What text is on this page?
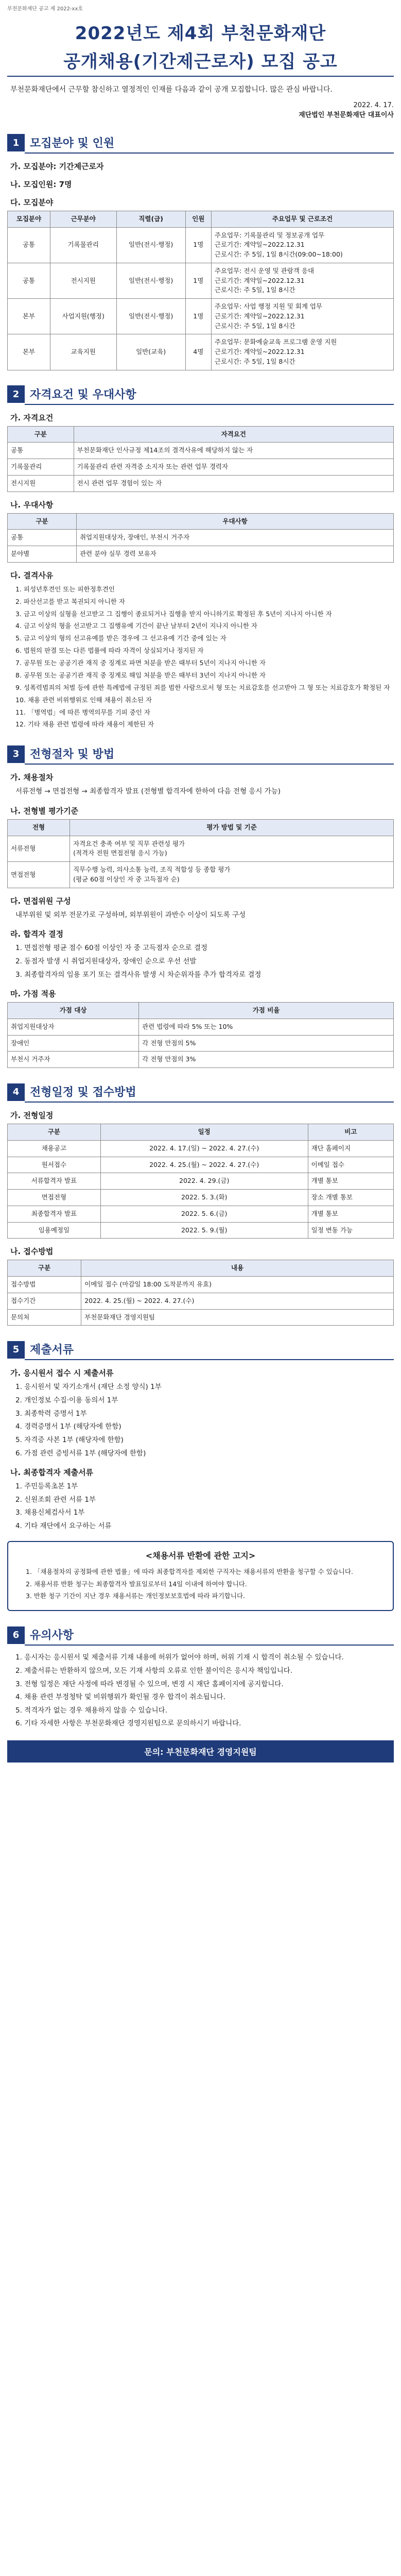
부천문화재단 공고 제 2022-xx호
2022년도 제4회 부천문화재단
공개채용(기간제근로자) 모집 공고
부천문화재단에서 근무할 참신하고 열정적인 인재를 다음과 같이 공개 모집합니다. 많은 관심 바랍니다.
2022. 4. 17.
재단법인 부천문화재단 대표이사
1 모집분야 및 인원
가. 모집분야: 기간제근로자
나. 모집인원: 7명
다. 모집분야
모집분야	근무분야	직렬(급)	인원	주요업무 및 근로조건
공통	기록물관리	일반(전시·행정)	1명	주요업무: 기록물관리 및 정보공개 업무
근로기간: 계약일~2022.12.31
근로시간: 주 5일, 1일 8시간(09:00~18:00)
공통	전시지원	일반(전시·행정)	1명	주요업무: 전시 운영 및 관람객 응대
근로기간: 계약일~2022.12.31
근로시간: 주 5일, 1일 8시간
본부	사업지원(행정)	일반(전시·행정)	1명	주요업무: 사업 행정 지원 및 회계 업무
근로기간: 계약일~2022.12.31
근로시간: 주 5일, 1일 8시간
본부	교육지원	일반(교육)	4명	주요업무: 문화예술교육 프로그램 운영 지원
근로기간: 계약일~2022.12.31
근로시간: 주 5일, 1일 8시간
2 자격요건 및 우대사항
가. 자격요건
구분	자격요건
공통	부천문화재단 인사규정 제14조의 결격사유에 해당하지 않는 자
기록물관리	기록물관리 관련 자격증 소지자 또는 관련 업무 경력자
전시지원	전시 관련 업무 경험이 있는 자
나. 우대사항
구분	우대사항
공통	취업지원대상자, 장애인, 부천시 거주자
분야별	관련 분야 실무 경력 보유자
다. 결격사유
1. 피성년후견인 또는 피한정후견인
2. 파산선고를 받고 복권되지 아니한 자
3. 금고 이상의 실형을 선고받고 그 집행이 종료되거나 집행을 받지 아니하기로 확정된 후 5년이 지나지 아니한 자
4. 금고 이상의 형을 선고받고 그 집행유예 기간이 끝난 날부터 2년이 지나지 아니한 자
5. 금고 이상의 형의 선고유예를 받은 경우에 그 선고유예 기간 중에 있는 자
6. 법원의 판결 또는 다른 법률에 따라 자격이 상실되거나 정지된 자
7. 공무원 또는 공공기관 재직 중 징계로 파면 처분을 받은 때부터 5년이 지나지 아니한 자
8. 공무원 또는 공공기관 재직 중 징계로 해임 처분을 받은 때부터 3년이 지나지 아니한 자
9. 성폭력범죄의 처벌 등에 관한 특례법에 규정된 죄를 범한 사람으로서 형 또는 치료감호를 선고받아 그 형 또는 치료감호가 확정된 자
10. 채용 관련 비위행위로 인해 채용이 취소된 자
11. 「병역법」에 따른 병역의무를 기피 중인 자
12. 기타 채용 관련 법령에 따라 채용이 제한된 자
3 전형절차 및 방법
가. 채용절차
서류전형 → 면접전형 → 최종합격자 발표 (전형별 합격자에 한하여 다음 전형 응시 가능)
나. 전형별 평가기준
전형	평가 방법 및 기준
서류전형	자격요건 충족 여부 및 직무 관련성 평가
(적격자 전원 면접전형 응시 가능)
면접전형	직무수행 능력, 의사소통 능력, 조직 적합성 등 종합 평가
(평균 60점 이상인 자 중 고득점자 순)
다. 면접위원 구성
내부위원 및 외부 전문가로 구성하며, 외부위원이 과반수 이상이 되도록 구성
라. 합격자 결정
1. 면접전형 평균 점수 60점 이상인 자 중 고득점자 순으로 결정
2. 동점자 발생 시 취업지원대상자, 장애인 순으로 우선 선발
3. 최종합격자의 임용 포기 또는 결격사유 발생 시 차순위자를 추가 합격자로 결정
마. 가점 적용
가점 대상	가점 비율
취업지원대상자	관련 법령에 따라 5% 또는 10%
장애인	각 전형 만점의 5%
부천시 거주자	각 전형 만점의 3%
4 전형일정 및 접수방법
가. 전형일정
구분	일정	비고
채용공고	2022. 4. 17.(일) ~ 2022. 4. 27.(수)	재단 홈페이지
원서접수	2022. 4. 25.(월) ~ 2022. 4. 27.(수)	이메일 접수
서류합격자 발표	2022. 4. 29.(금)	개별 통보
면접전형	2022. 5. 3.(화)	장소 개별 통보
최종합격자 발표	2022. 5. 6.(금)	개별 통보
임용예정일	2022. 5. 9.(월)	일정 변동 가능
나. 접수방법
구분	내용
접수방법	이메일 접수 (마감일 18:00 도착분까지 유효)
접수기간	2022. 4. 25.(월) ~ 2022. 4. 27.(수)
문의처	부천문화재단 경영지원팀
5 제출서류
가. 응시원서 접수 시 제출서류
1. 응시원서 및 자기소개서 (재단 소정 양식) 1부
2. 개인정보 수집·이용 동의서 1부
3. 최종학력 증명서 1부
4. 경력증명서 1부 (해당자에 한함)
5. 자격증 사본 1부 (해당자에 한함)
6. 가점 관련 증빙서류 1부 (해당자에 한함)
나. 최종합격자 제출서류
1. 주민등록초본 1부
2. 신원조회 관련 서류 1부
3. 채용신체검사서 1부
4. 기타 재단에서 요구하는 서류
<채용서류 반환에 관한 고지>
1. 「채용절차의 공정화에 관한 법률」에 따라 최종합격자를 제외한 구직자는 채용서류의 반환을 청구할 수 있습니다.
2. 채용서류 반환 청구는 최종합격자 발표일로부터 14일 이내에 하여야 합니다.
3. 반환 청구 기간이 지난 경우 채용서류는 개인정보보호법에 따라 파기합니다.
6 유의사항
1. 응시자는 응시원서 및 제출서류 기재 내용에 허위가 없어야 하며, 허위 기재 시 합격이 취소될 수 있습니다.
2. 제출서류는 반환하지 않으며, 모든 기재 사항의 오류로 인한 불이익은 응시자 책임입니다.
3. 전형 일정은 재단 사정에 따라 변경될 수 있으며, 변경 시 재단 홈페이지에 공지합니다.
4. 채용 관련 부정청탁 및 비위행위가 확인될 경우 합격이 취소됩니다.
5. 적격자가 없는 경우 채용하지 않을 수 있습니다.
6. 기타 자세한 사항은 부천문화재단 경영지원팀으로 문의하시기 바랍니다.
문의: 부천문화재단 경영지원팀
